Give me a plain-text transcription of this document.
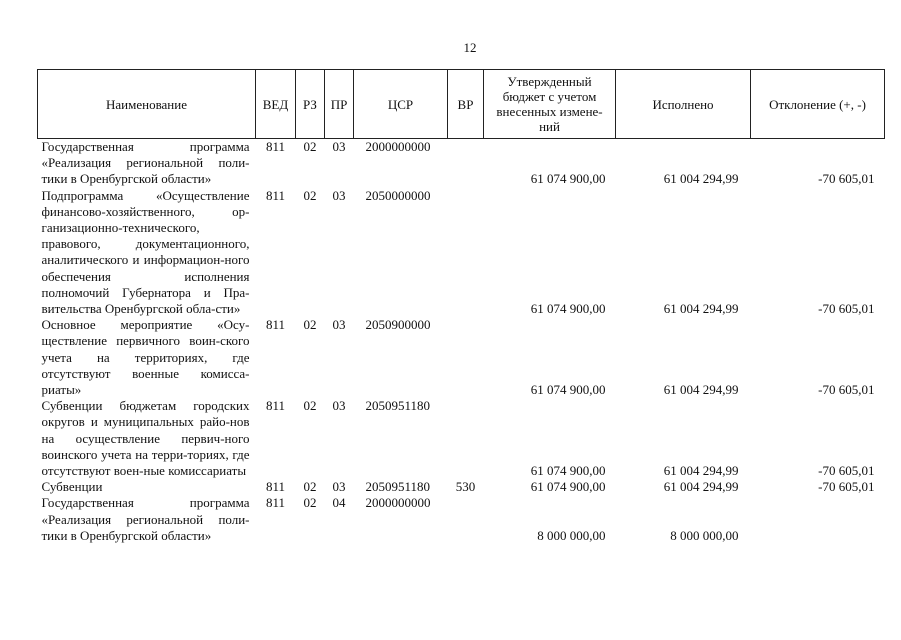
12
Наименование	ВЕД	РЗ	ПР	ЦСР	ВР	Утвержденный бюджет с учетом внесенных измене-ний	Исполнено	Отклонение (+, -)
Государственная программа «Реализация региональной поли-тики в Оренбургской области»	811	02	03	2000000000		61 074 900,00	61 004 294,99	-70 605,01
Подпрограмма «Осуществление финансово-хозяйственного, ор-ганизационно-технического, правового, документационного, аналитического и информацион-ного обеспечения исполнения полномочий Губернатора и Пра-вительства Оренбургской обла-сти»	811	02	03	2050000000		61 074 900,00	61 004 294,99	-70 605,01
Основное мероприятие «Осу-ществление первичного воин-ского учета на территориях, где отсутствуют военные комисса-риаты»	811	02	03	2050900000		61 074 900,00	61 004 294,99	-70 605,01
Субвенции бюджетам городских округов и муниципальных райо-нов на осуществление первич-ного воинского учета на терри-ториях, где отсутствуют воен-ные комиссариаты	811	02	03	2050951180		61 074 900,00	61 004 294,99	-70 605,01
Субвенции	811	02	03	2050951180	530	61 074 900,00	61 004 294,99	-70 605,01
Государственная программа «Реализация региональной поли-тики в Оренбургской области»	811	02	04	2000000000		8 000 000,00	8 000 000,00	
